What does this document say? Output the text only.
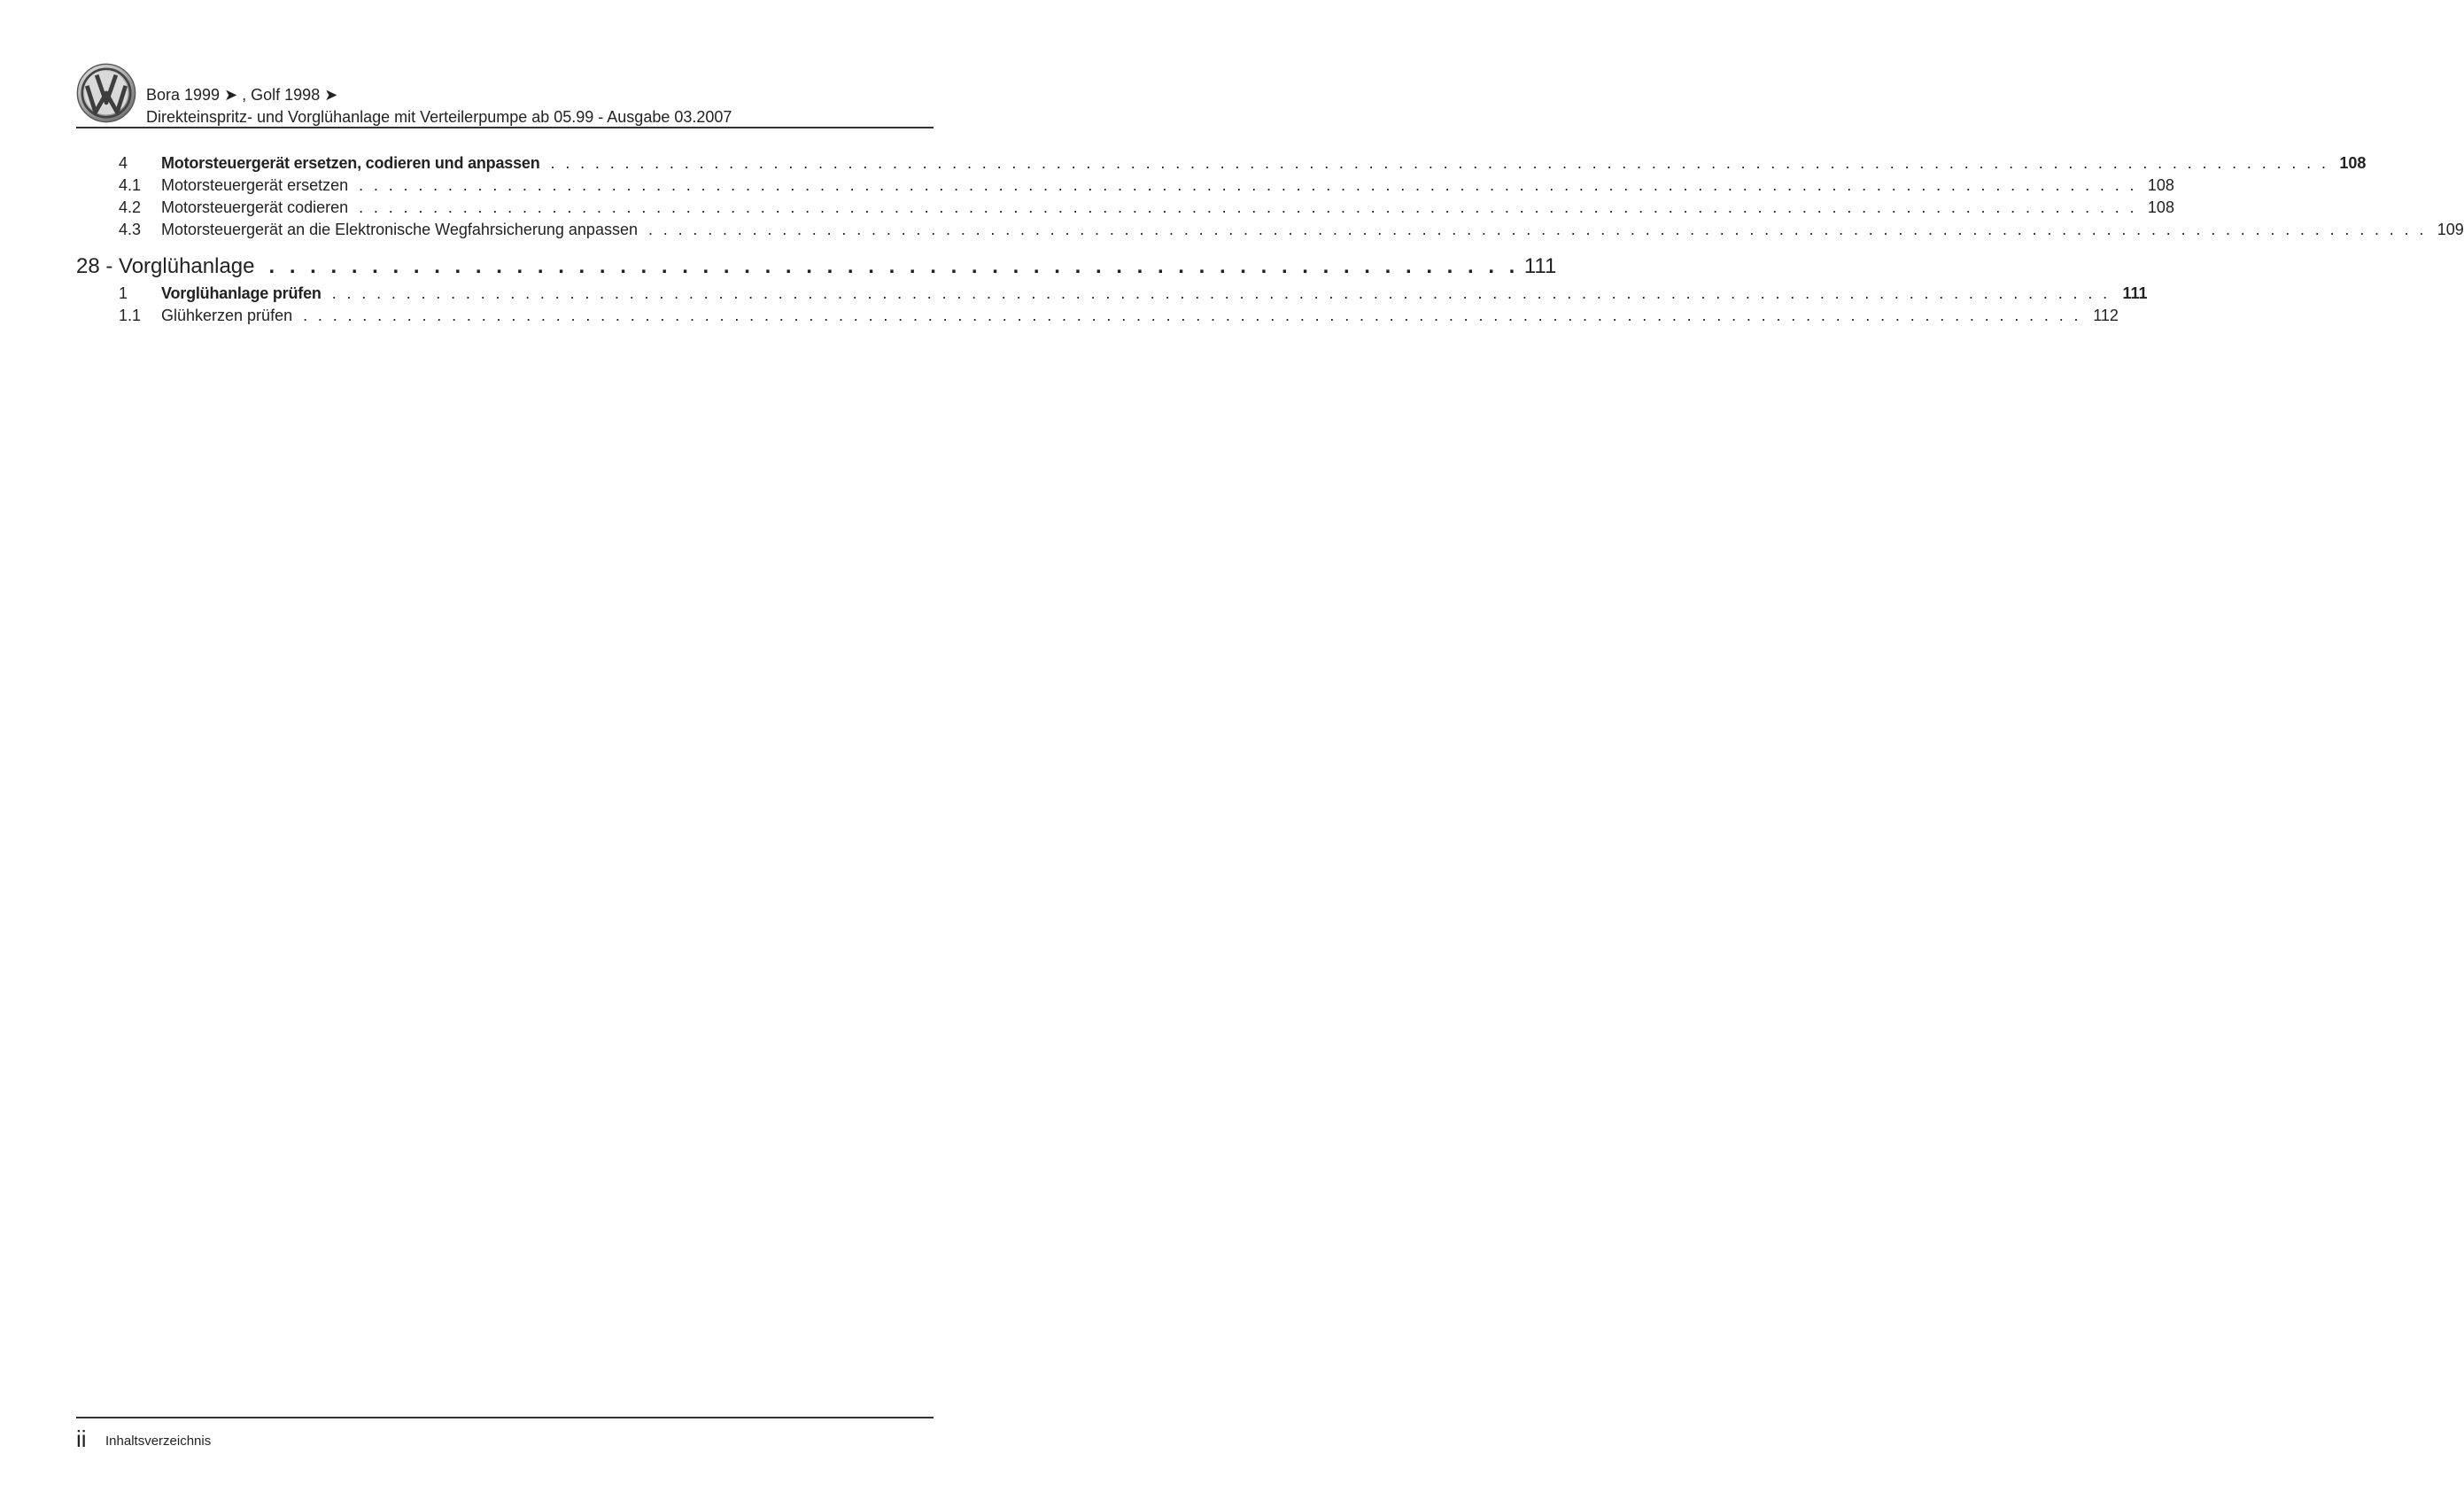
Bora 1999 ➤ , Golf 1998 ➤
Direkteinspritz- und Vorglühanlage mit Verteilerpumpe ab 05.99 - Ausgabe 03.2007
4	Motorsteuergerät ersetzen, codieren und anpassen . . . . . . . . . . . . . . . . . . . . . . . . . . . . . . . . . . . . . . . . . . . . . . . . . . . . . . . . . . . . . . . . . . . . . . . . . . . . . . . . . . . . . . . . . . . . . . . . . . . . . . . . . . . . . . . . . . . . . . . . 108
4.1	Motorsteuergerät ersetzen . . . . . . . . . . . . . . . . . . . . . . . . . . . . . . . . . . . . . . . . . . . . . . . . . . . . . . . . . . . . . . . . . . . . . . . . . . . . . . . . . . . . . . . . . . . . . . . . . . . . . . . . . . . . . . . . . . . . . . . . 108
4.2	Motorsteuergerät codieren . . . . . . . . . . . . . . . . . . . . . . . . . . . . . . . . . . . . . . . . . . . . . . . . . . . . . . . . . . . . . . . . . . . . . . . . . . . . . . . . . . . . . . . . . . . . . . . . . . . . . . . . . . . . . . . . . . . . . . . . 108
4.3	Motorsteuergerät an die Elektronische Wegfahrsicherung anpassen . . . . . . . . . . . . . . . . . . . . . . . . . . . . . . . . . . . . . . . . . . . . . . . . . . . . . . . . . . . . . . . . . . . . . . . . . . . . . . . . . . . . . . . . . . . . . . . . . . . . . . . . . . . . . . . . . . . . . . . . 109
28 - Vorglühanlage . . . . . . . . . . . . . . . . . . . . . . . . . . . . . . . . . . . . . . . . . . . . . . . . . . . . . . . . . . . . . 111
1	Vorglühanlage prüfen . . . . . . . . . . . . . . . . . . . . . . . . . . . . . . . . . . . . . . . . . . . . . . . . . . . . . . . . . . . . . . . . . . . . . . . . . . . . . . . . . . . . . . . . . . . . . . . . . . . . . . . . . . . . . . . . . . . . . . . . 111
1.1	Glühkerzen prüfen . . . . . . . . . . . . . . . . . . . . . . . . . . . . . . . . . . . . . . . . . . . . . . . . . . . . . . . . . . . . . . . . . . . . . . . . . . . . . . . . . . . . . . . . . . . . . . . . . . . . . . . . . . . . . . . . . . . . . . . . 112
ii Inhaltsverzeichnis
